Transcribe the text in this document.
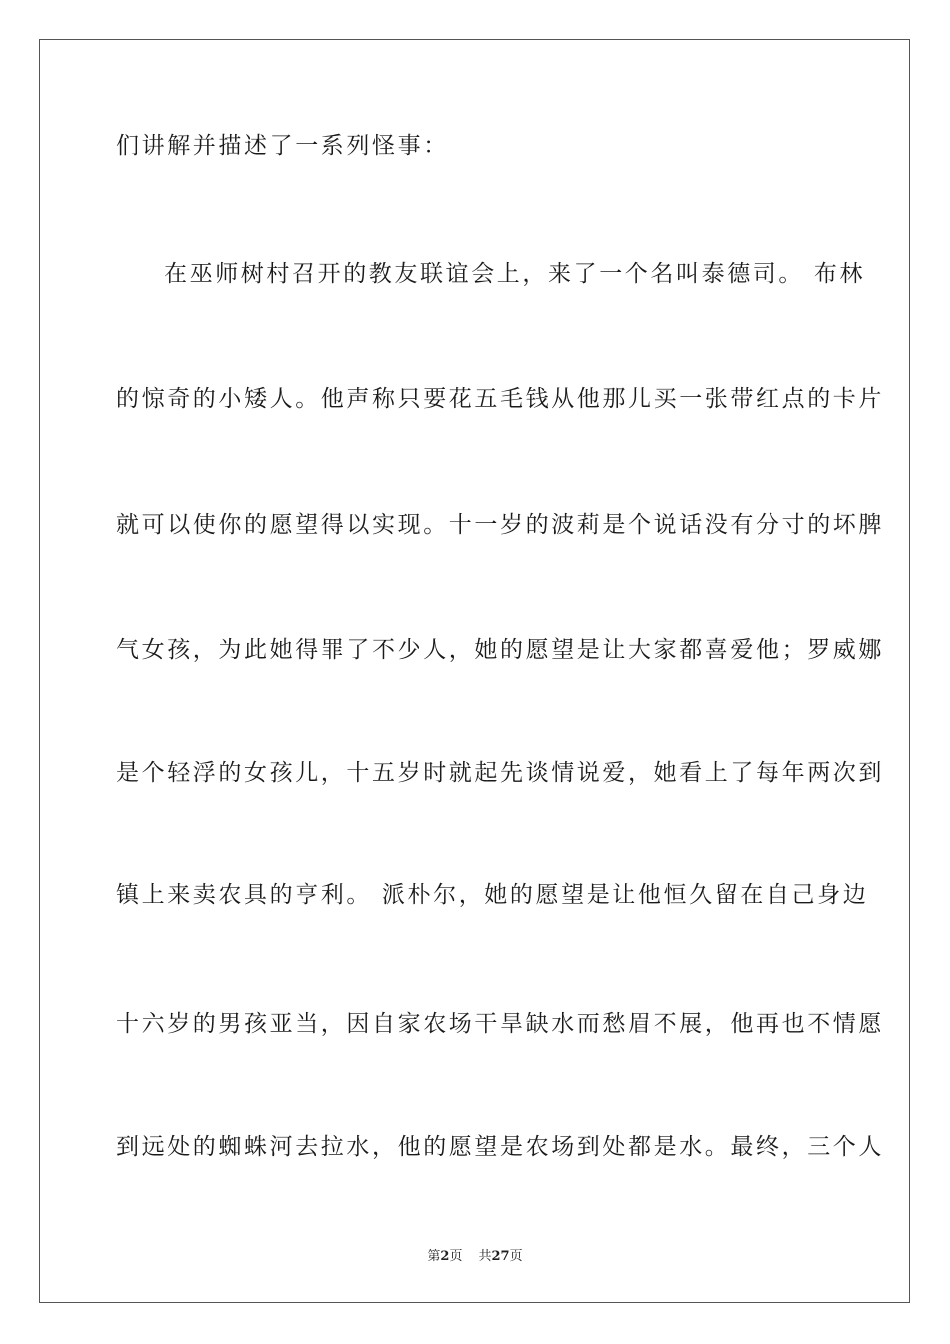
们讲解并描述了一系列怪事：
在巫师树村召开的教友联谊会上，来了一个名叫泰德司。 布林
的惊奇的小矮人。他声称只要花五毛钱从他那儿买一张带红点的卡片
就可以使你的愿望得以实现。十一岁的波莉是个说话没有分寸的坏脾
气女孩，为此她得罪了不少人，她的愿望是让大家都喜爱他；罗威娜
是个轻浮的女孩儿，十五岁时就起先谈情说爱，她看上了每年两次到
镇上来卖农具的亨利。 派朴尔，她的愿望是让他恒久留在自己身边
十六岁的男孩亚当，因自家农场干旱缺水而愁眉不展，他再也不情愿
到远处的蜘蛛河去拉水，他的愿望是农场到处都是水。最终，三个人
第2页 共27页
